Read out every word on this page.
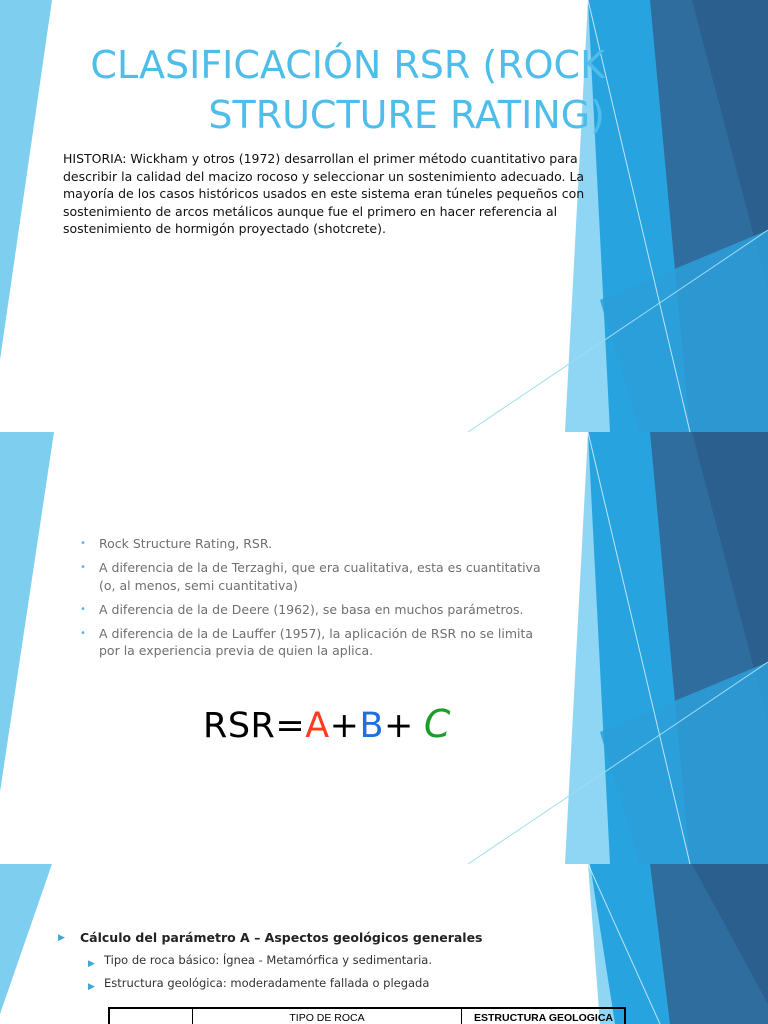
CLASIFICACIÓN RSR (ROCK
STRUCTURE RATING)

HISTORIA: Wickham y otros (1972) desarrollan el primer método cuantitativo para describir la calidad del macizo rocoso y seleccionar un sostenimiento adecuado. La mayoría de los casos históricos usados en este sistema eran túneles pequeños con sostenimiento de arcos metálicos aunque fue el primero en hacer referencia al sostenimiento de hormigón proyectado (shotcrete).

• Rock Structure Rating, RSR.
• A diferencia de la de Terzaghi, que era cualitativa, esta es cuantitativa (o, al menos, semi cuantitativa)
• A diferencia de la de Deere (1962), se basa en muchos parámetros.
• A diferencia de la de Lauffer (1957), la aplicación de RSR no se limita por la experiencia previa de quien la aplica.
RSR=A+B+ C
▶ Cálculo del parámetro A – Aspectos geológicos generales
▶ Tipo de roca básico: Ígnea - Metamórfica y sedimentaria.
▶ Estructura geológica: moderadamente fallada o plegada
TIPO DE ROCA	ESTRUCTURA GEOLOGICA
